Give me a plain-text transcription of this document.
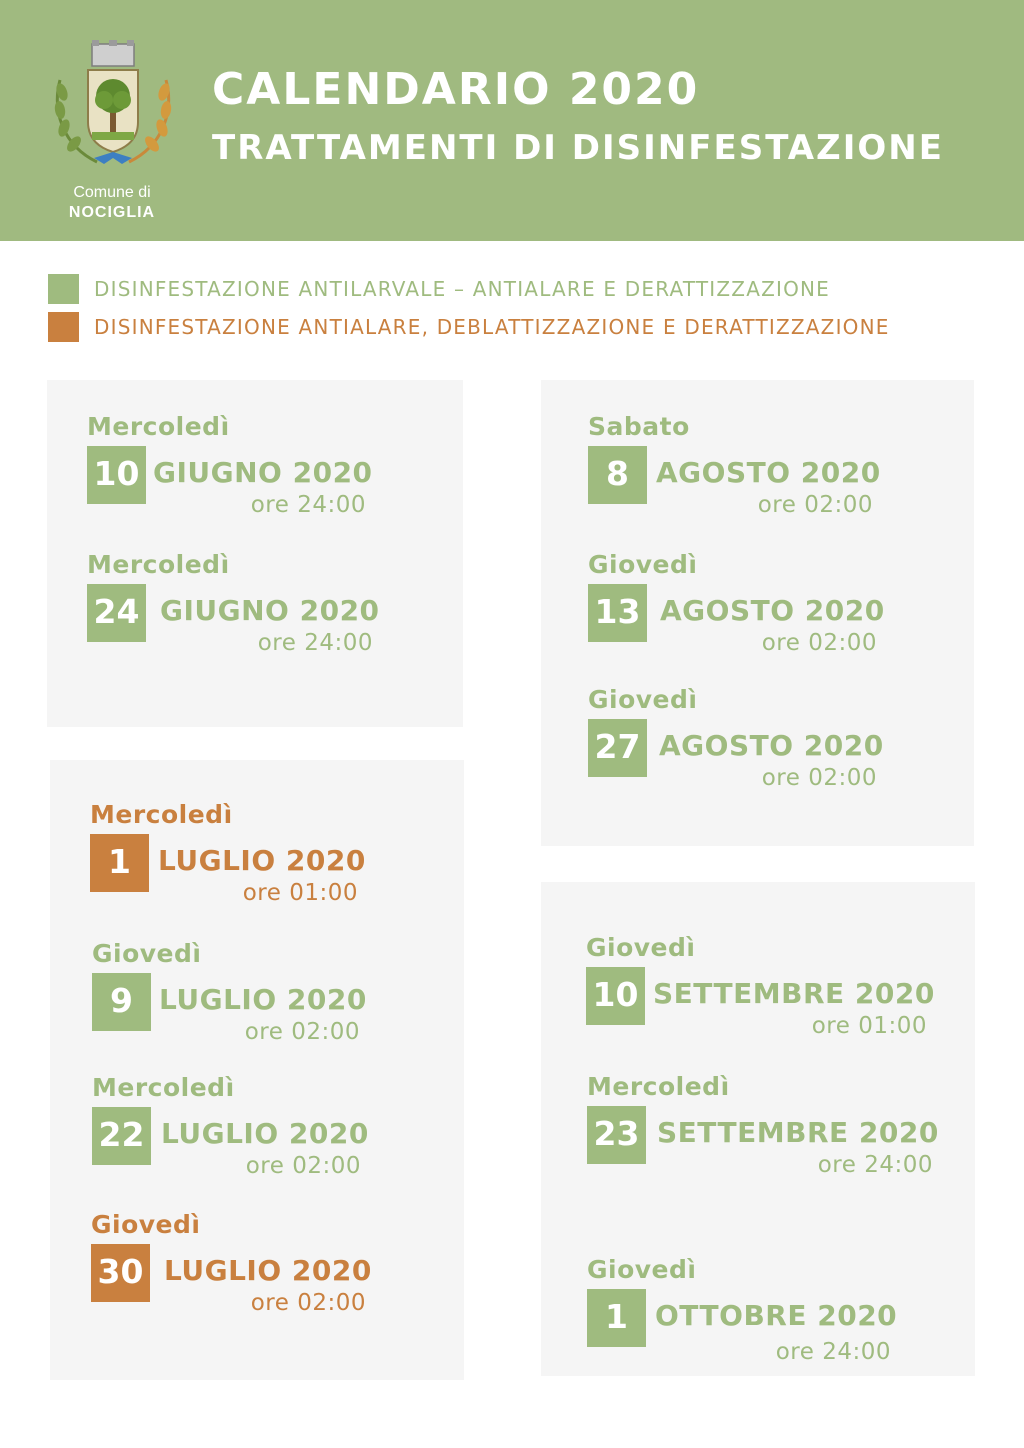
Comune di
NOCIGLIA
CALENDARIO 2020
TRATTAMENTI DI DISINFESTAZIONE
DISINFESTAZIONE ANTILARVALE – ANTIALARE E DERATTIZZAZIONE
DISINFESTAZIONE ANTIALARE, DEBLATTIZZAZIONE E DERATTIZZAZIONE
Mercoledì
10 GIUGNO 2020
ore 24:00
Mercoledì
24 GIUGNO 2020
ore 24:00
Mercoledì
1 LUGLIO 2020
ore 01:00
Giovedì
9 LUGLIO 2020
ore 02:00
Mercoledì
22 LUGLIO 2020
ore 02:00
Giovedì
30 LUGLIO 2020
ore 02:00
Sabato
8 AGOSTO 2020
ore 02:00
Giovedì
13 AGOSTO 2020
ore 02:00
Giovedì
27 AGOSTO 2020
ore 02:00
Giovedì
10 SETTEMBRE 2020
ore 01:00
Mercoledì
23 SETTEMBRE 2020
ore 24:00
Giovedì
1 OTTOBRE 2020
ore 24:00
